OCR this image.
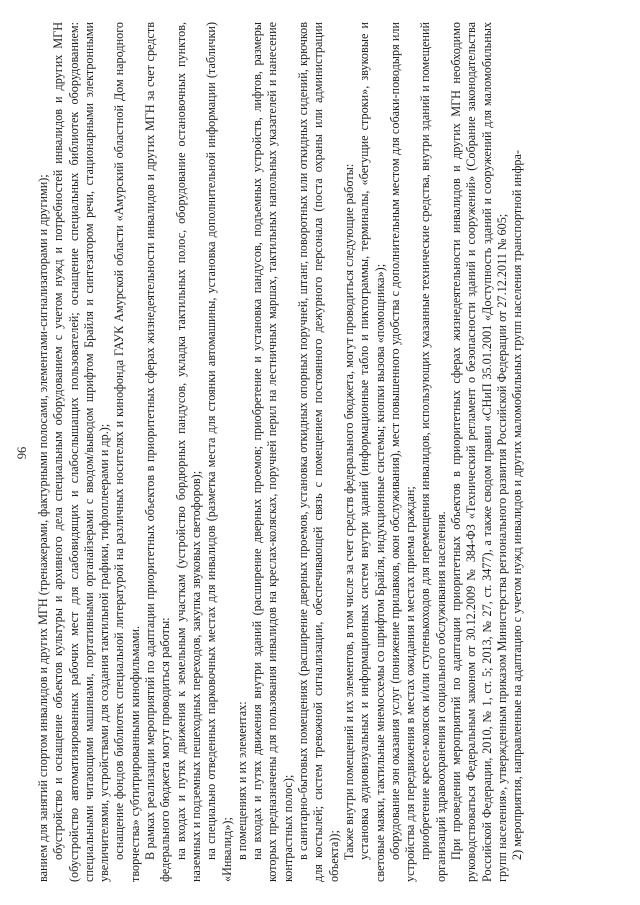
96 ванием для занятий спортом инвалидов и других МГН (тренажерами, фактурными полосами, элементами-сигнализаторами и другими); обустройство и оснащение объектов культуры и архивного дела специальным оборудованием с учетом нужд и потребностей инвалидов и других МГН (обустройство автоматизированных рабочих мест для слабовидящих и слабослышащих пользователей; оснащение специальных библиотек оборудованием: специальными читающими машинами, портативными органайзерами с вводом/выводом шрифтом Брайля и синтезатором речи, стационарными электронными увеличителями, устройствами для создания тактильной графики, тифлоплеерами и др.); оснащение фондов библиотек специальной литературой на различных носителях и кинофонда ГАУК Амурской области «Амурский областной Дом народного творчества» субтитрированными кинофильмами. В рамках реализации мероприятий по адаптации приоритетных объектов в приоритетных сферах жизнедеятельности инвалидов и других МГН за счет средств федерального бюджета могут проводиться работы: на входах и путях движения к земельным участкам (устройство бордюрных пандусов, укладка тактильных полос, оборудование остановочных пунктов, наземных и подземных пешеходных переходов, закупка звуковых светофоров); на специально отведенных парковочных местах для инвалидов (разметка места для стоянки автомашины, установка дополнительной информации (таблички) «Инвалид»); в помещениях и их элементах: на входах и путях движения внутри зданий (расширение дверных проемов; приобретение и установка пандусов, подъемных устройств, лифтов, размеры которых предназначены для пользования инвалидов на креслах-колясках, поручней перил на лестничных маршах, тактильных напольных указателей и нанесение контрастных полос); в санитарно-бытовых помещениях (расширение дверных проемов, установка откидных опорных поручней, штанг, поворотных или откидных сидений, крючков для костылей; систем тревожной сигнализации, обеспечивающей связь с помещением постоянного дежурного персонала (поста охраны или администрации объекта)); Также внутри помещений и их элементов, в том числе за счет средств федерального бюджета, могут проводиться следующие работы: установка аудиовизуальных и информационных систем внутри зданий (информационные табло и пиктограммы, терминалы, «бегущие строки», звуковые и световые маяки, тактильные мнемосхемы со шрифтом Брайля, индукционные системы; кнопки вызова «помощника»); оборудование зон оказания услуг (понижение прилавков, окон обслуживания), мест повышенного удобства с дополнительным местом для собаки-поводыря или устройства для передвижения в местах ожидания и местах приема граждан; приобретение кресел-колясок и/или ступенькоходов для перемещения инвалидов, использующих указанные технические средства, внутри зданий и помещений организаций здравоохранения и социального обслуживания населения. При проведении мероприятий по адаптации приоритетных объектов в приоритетных сферах жизнедеятельности инвалидов и других МГН необходимо руководствоваться Федеральным законом от 30.12.2009 № 384-ФЗ «Технический регламент о безопасности зданий и сооружений» (Собрание законодательства Российской Федерации, 2010, № 1, ст. 5; 2013, № 27, ст. 3477), а также сводом правил «СНиП 35.01.2001 «Доступность зданий и сооружений для маломобильных групп населения», утвержденным приказом Министерства регионального развития Российской Федерации от 27.12.2011 № 605; 2) мероприятия, направленные на адаптацию с учетом нужд инвалидов и других маломобильных групп населения транспортной инфра-
